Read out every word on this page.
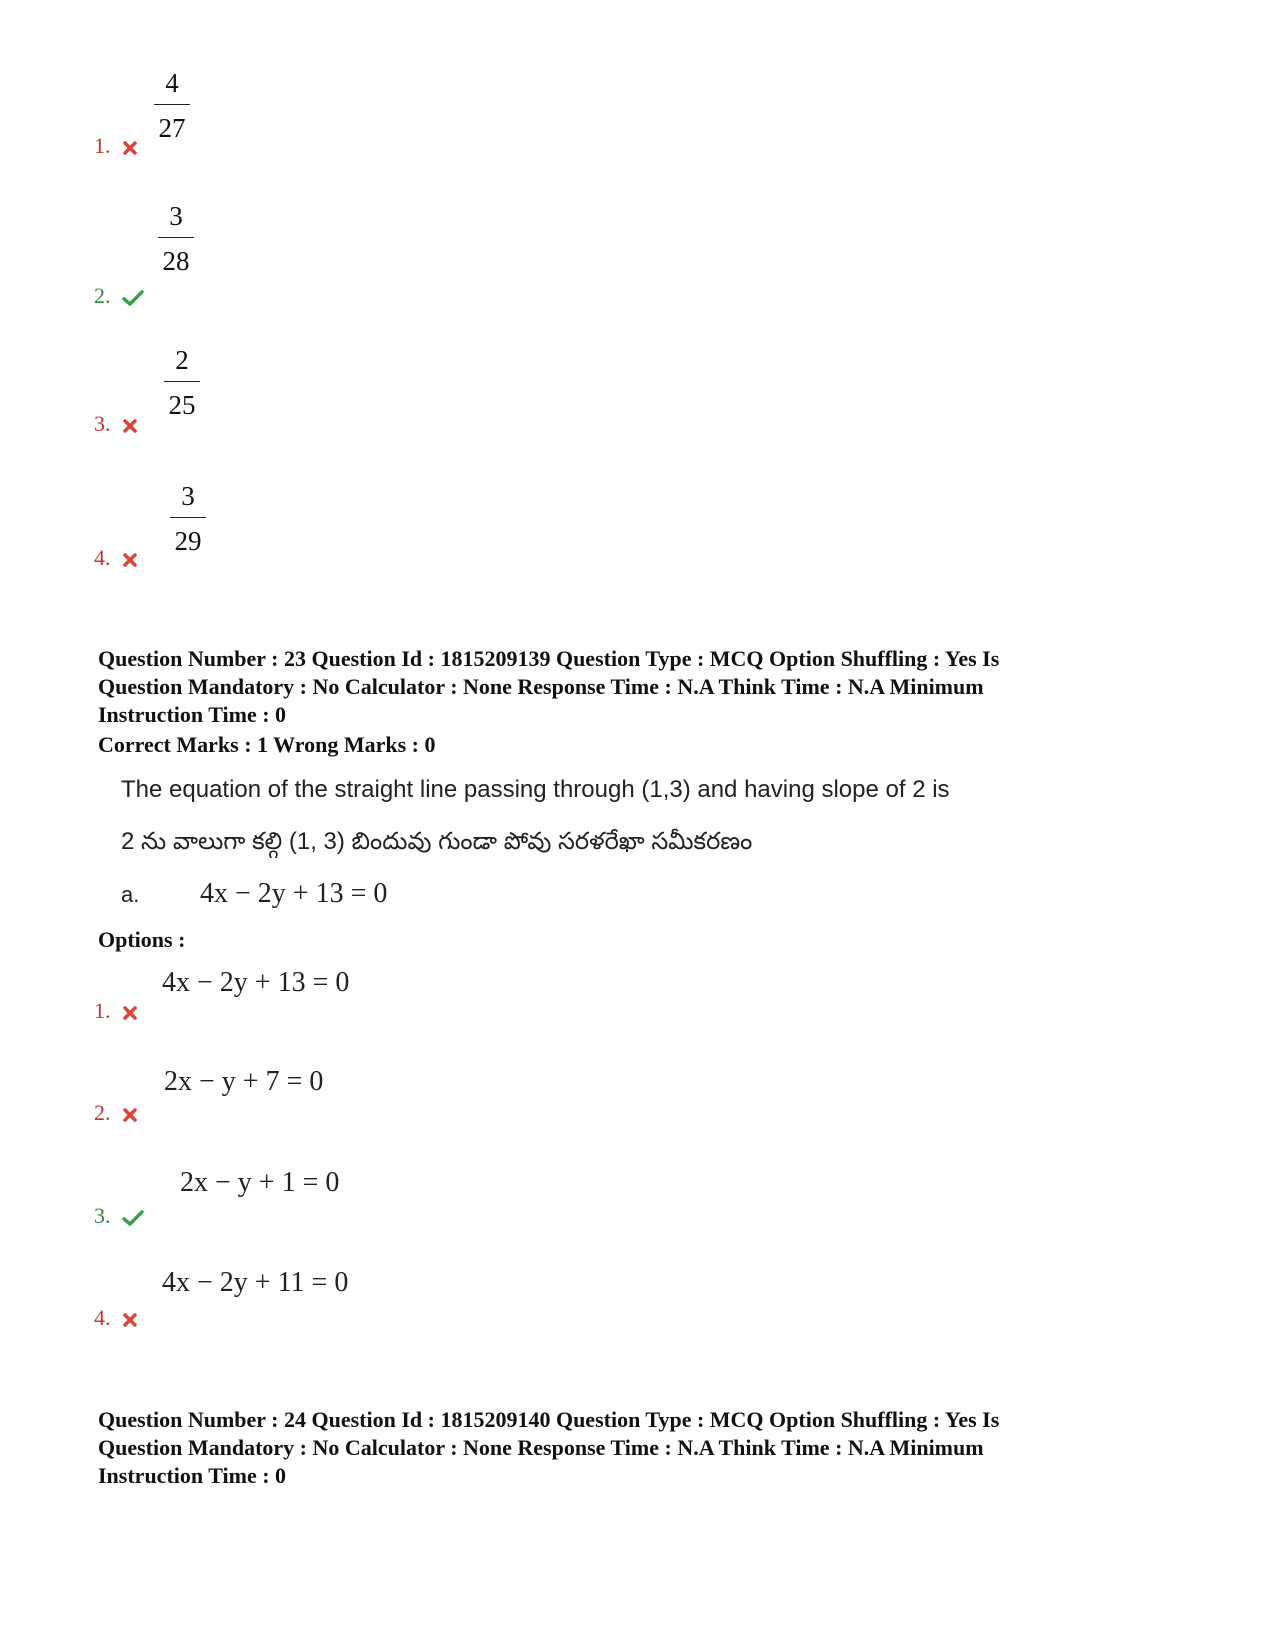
4
27
1.
3
28
2.
2
25
3.
3
29
4.
Question Number : 23 Question Id : 1815209139 Question Type : MCQ Option Shuffling : Yes Is
Question Mandatory : No Calculator : None Response Time : N.A Think Time : N.A Minimum
Instruction Time : 0
Correct Marks : 1 Wrong Marks : 0
The equation of the straight line passing through (1,3) and having slope of 2 is
2 ను వాలుగా కల్గి (1, 3) బిందువు గుండా పోవు సరళరేఖా సమీకరణం
a. 4x − 2y + 13 = 0
Options :
4x − 2y + 13 = 0
1.
2x − y + 7 = 0
2.
2x − y + 1 = 0
3.
4x − 2y + 11 = 0
4.
Question Number : 24 Question Id : 1815209140 Question Type : MCQ Option Shuffling : Yes Is
Question Mandatory : No Calculator : None Response Time : N.A Think Time : N.A Minimum
Instruction Time : 0
